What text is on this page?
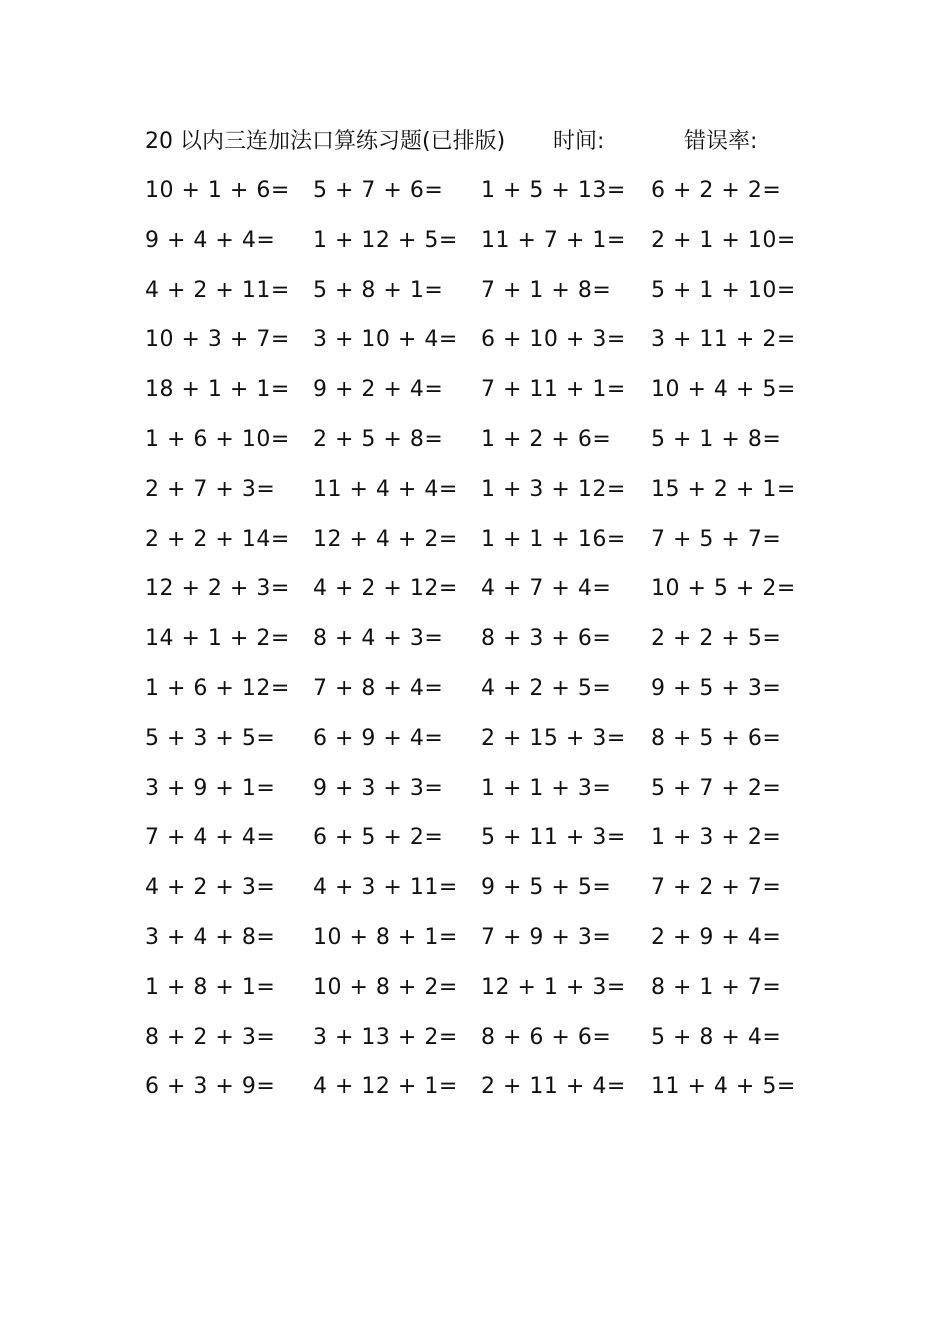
20 以内三连加法口算练习题(已排版) 时间:	错误率:
10 + 1 + 6= 5 + 7 + 6= 1 + 5 + 13= 6 + 2 + 2=
9 + 4 + 4= 1 + 12 + 5= 11 + 7 + 1= 2 + 1 + 10=
4 + 2 + 11= 5 + 8 + 1= 7 + 1 + 8= 5 + 1 + 10=
10 + 3 + 7= 3 + 10 + 4= 6 + 10 + 3= 3 + 11 + 2=
18 + 1 + 1= 9 + 2 + 4= 7 + 11 + 1= 10 + 4 + 5=
1 + 6 + 10= 2 + 5 + 8= 1 + 2 + 6= 5 + 1 + 8=
2 + 7 + 3= 11 + 4 + 4= 1 + 3 + 12= 15 + 2 + 1=
2 + 2 + 14= 12 + 4 + 2= 1 + 1 + 16= 7 + 5 + 7=
12 + 2 + 3= 4 + 2 + 12= 4 + 7 + 4= 10 + 5 + 2=
14 + 1 + 2= 8 + 4 + 3= 8 + 3 + 6= 2 + 2 + 5=
1 + 6 + 12= 7 + 8 + 4= 4 + 2 + 5= 9 + 5 + 3=
5 + 3 + 5= 6 + 9 + 4= 2 + 15 + 3= 8 + 5 + 6=
3 + 9 + 1= 9 + 3 + 3= 1 + 1 + 3= 5 + 7 + 2=
7 + 4 + 4= 6 + 5 + 2= 5 + 11 + 3= 1 + 3 + 2=
4 + 2 + 3= 4 + 3 + 11= 9 + 5 + 5= 7 + 2 + 7=
3 + 4 + 8= 10 + 8 + 1= 7 + 9 + 3= 2 + 9 + 4=
1 + 8 + 1= 10 + 8 + 2= 12 + 1 + 3= 8 + 1 + 7=
8 + 2 + 3= 3 + 13 + 2= 8 + 6 + 6= 5 + 8 + 4=
6 + 3 + 9= 4 + 12 + 1= 2 + 11 + 4= 11 + 4 + 5=
